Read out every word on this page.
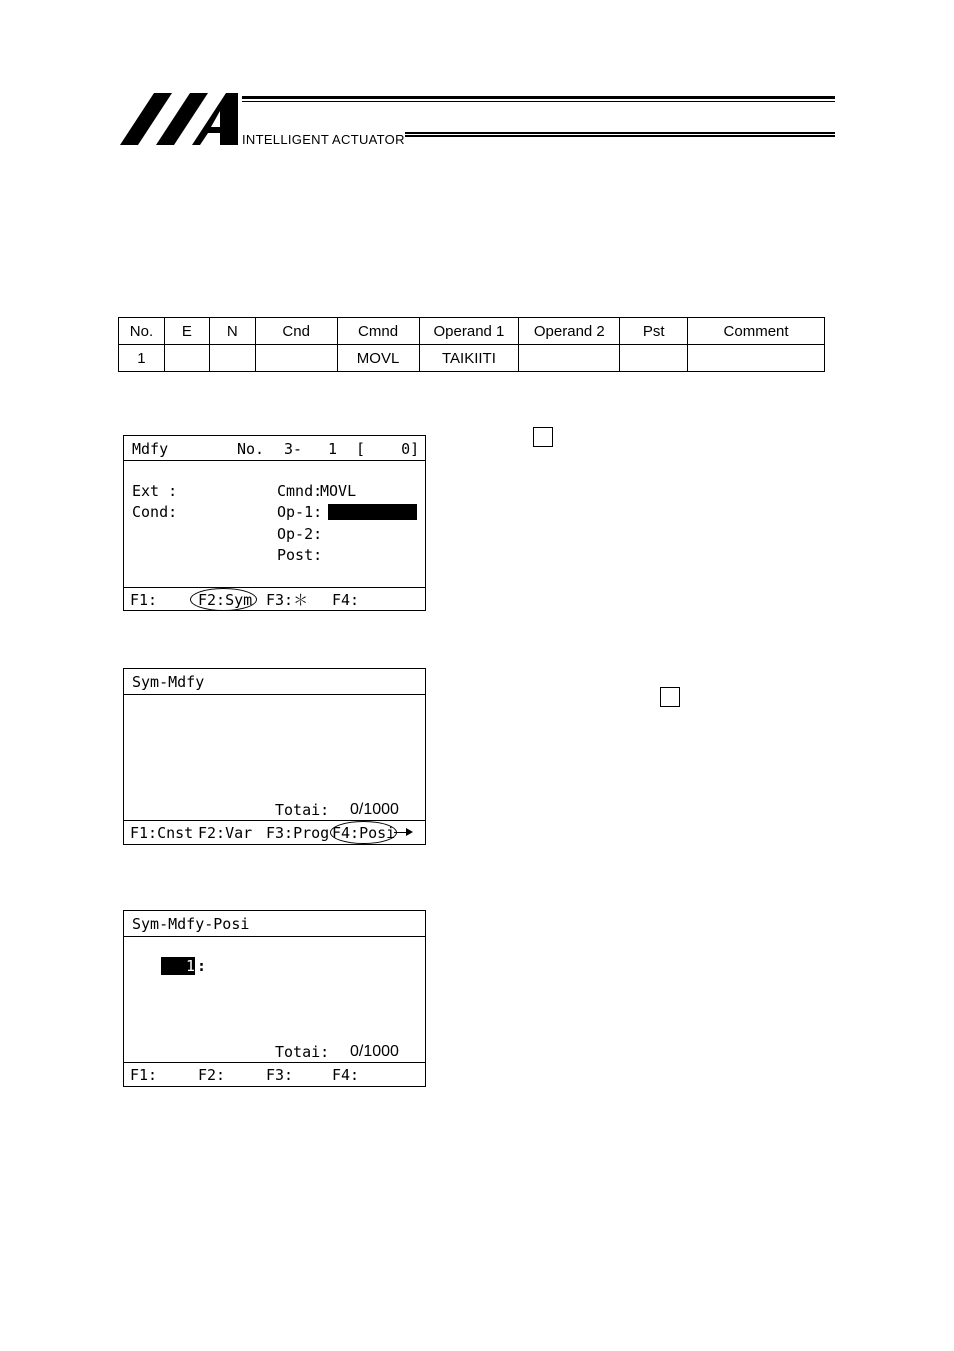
INTELLIGENT ACTUATOR
No.	E	N	Cnd	Cmnd	Operand 1	Operand 2	Pst	Comment
1				MOVL	TAIKIITI			
Mdfy	No. 3- 1 [    0]
Ext :
Cond:
Cmnd:
MOVL
Op-1:
Op-2:
Post:
F1:	F2:Sym F3:＊ F4:
Sym-Mdfy
Totai: 0/1000
F1:Cnst F2:Var F3:Prog F4:Posi
Sym-Mdfy-Posi
1 :
Totai: 0/1000
F1:	F2:	F3:	F4:
